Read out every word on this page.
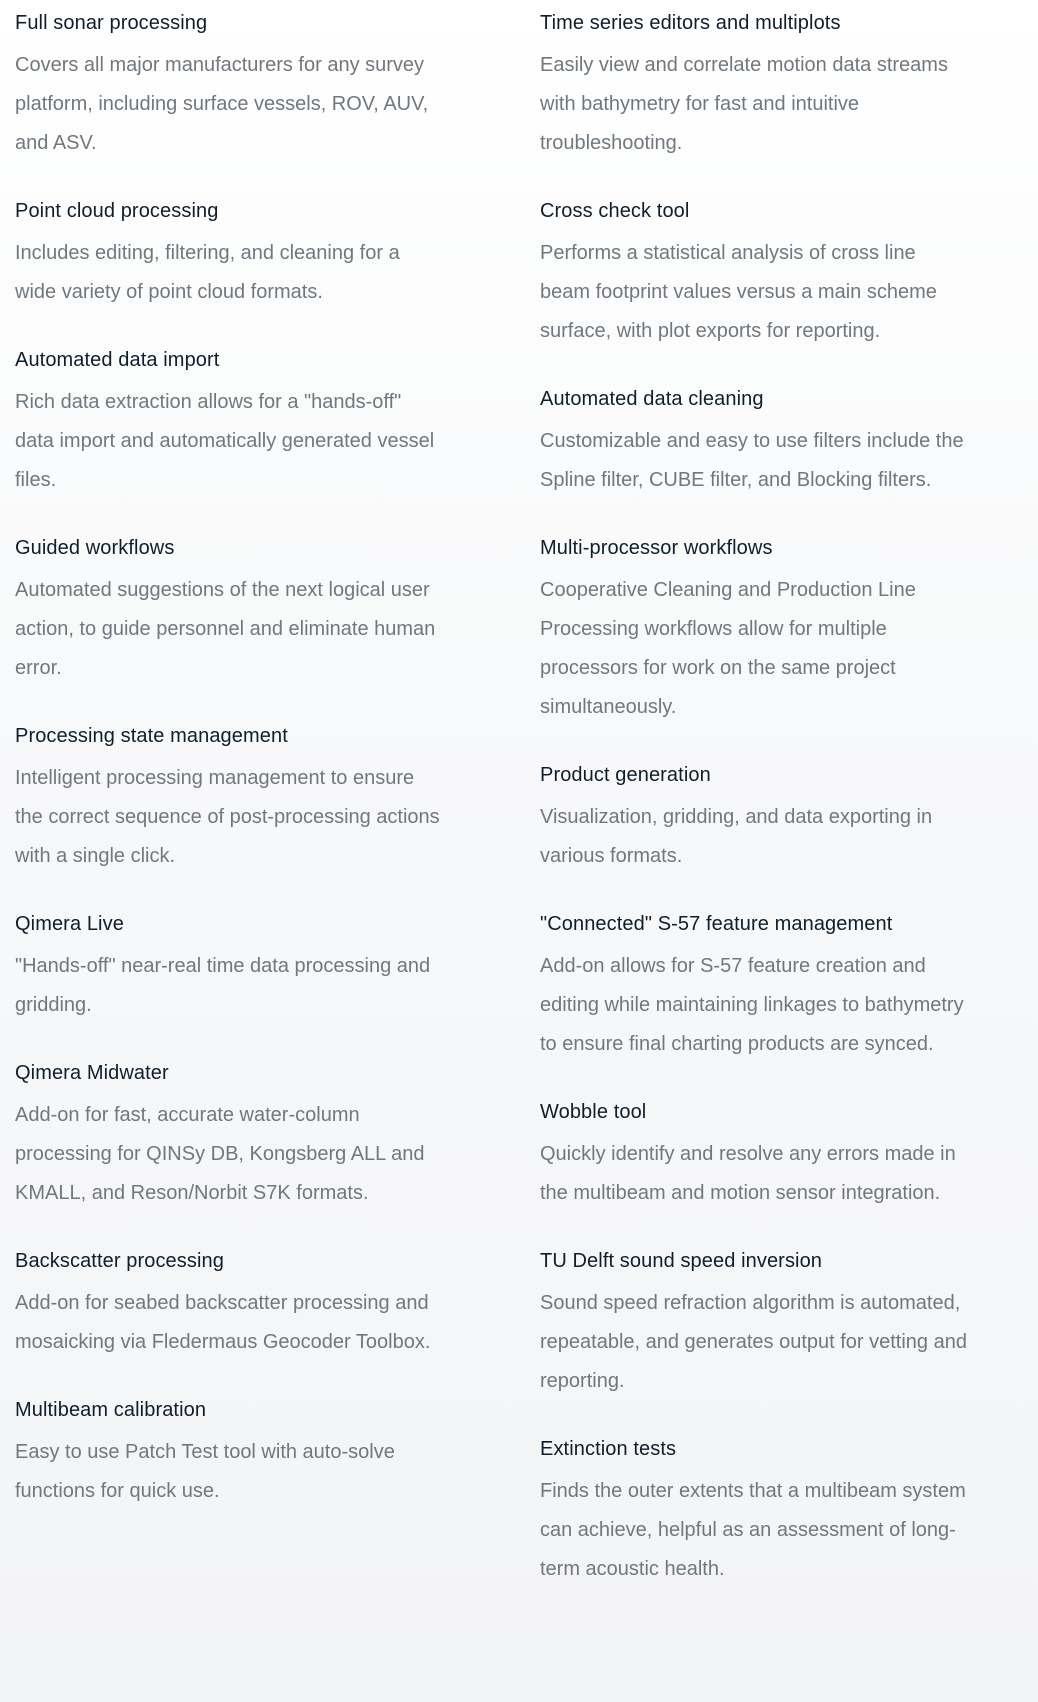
Full sonar processing

Covers all major manufacturers for any survey platform, including surface vessels, ROV, AUV, and ASV.

Point cloud processing

Includes editing, filtering, and cleaning for a wide variety of point cloud formats.

Automated data import

Rich data extraction allows for a "hands-off" data import and automatically generated vessel files.

Guided workflows

Automated suggestions of the next logical user action, to guide personnel and eliminate human error.

Processing state management

Intelligent processing management to ensure the correct sequence of post-processing actions with a single click.

Qimera Live

"Hands-off" near-real time data processing and gridding.

Qimera Midwater

Add-on for fast, accurate water-column processing for QINSy DB, Kongsberg ALL and KMALL, and Reson/Norbit S7K formats.

Backscatter processing

Add-on for seabed backscatter processing and mosaicking via Fledermaus Geocoder Toolbox.

Multibeam calibration

Easy to use Patch Test tool with auto-solve functions for quick use.

Time series editors and multiplots

Easily view and correlate motion data streams with bathymetry for fast and intuitive troubleshooting.

Cross check tool

Performs a statistical analysis of cross line beam footprint values versus a main scheme surface, with plot exports for reporting.

Automated data cleaning

Customizable and easy to use filters include the Spline filter, CUBE filter, and Blocking filters.

Multi-processor workflows

Cooperative Cleaning and Production Line Processing workflows allow for multiple processors for work on the same project simultaneously.

Product generation

Visualization, gridding, and data exporting in various formats.

"Connected" S-57 feature management

Add-on allows for S-57 feature creation and editing while maintaining linkages to bathymetry to ensure final charting products are synced.

Wobble tool

Quickly identify and resolve any errors made in the multibeam and motion sensor integration.

TU Delft sound speed inversion

Sound speed refraction algorithm is automated, repeatable, and generates output for vetting and reporting.

Extinction tests

Finds the outer extents that a multibeam system can achieve, helpful as an assessment of long-term acoustic health.
